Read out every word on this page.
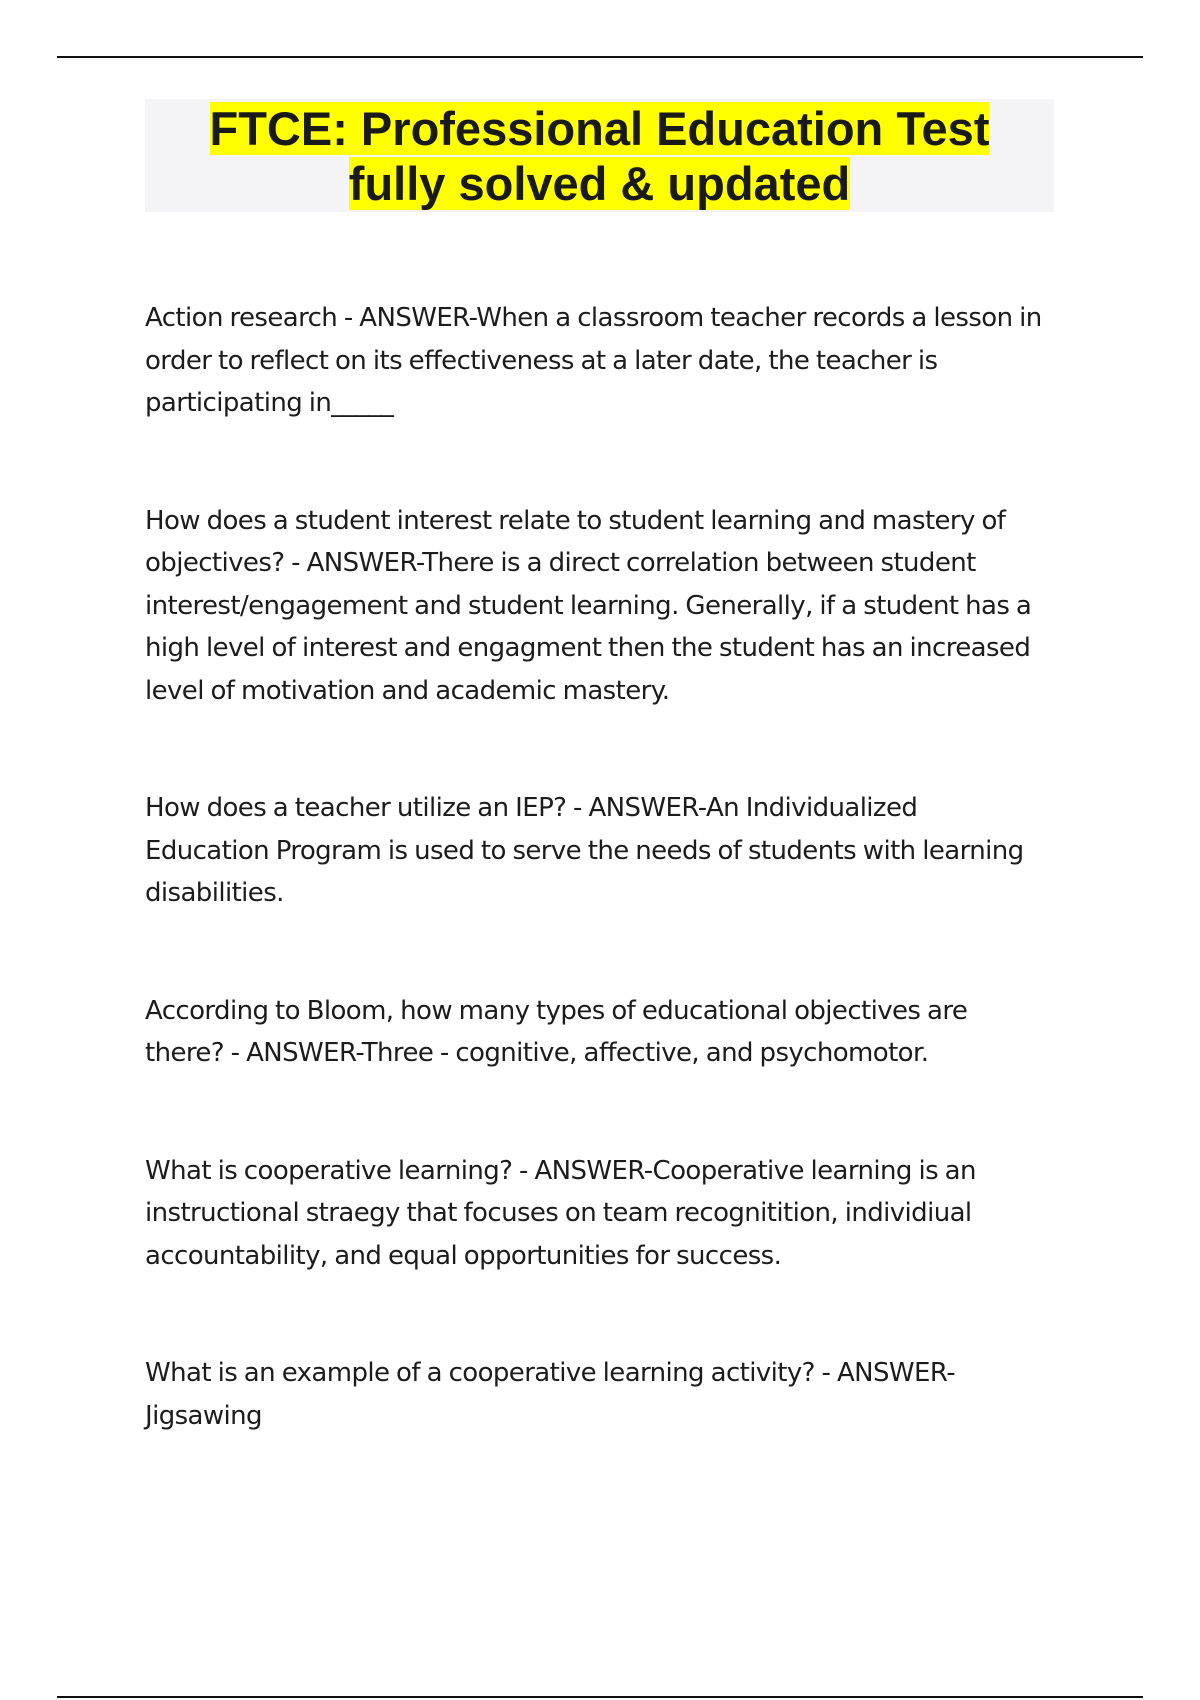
FTCE: Professional Education Test
fully solved & updated

Action research - ANSWER-When a classroom teacher records a lesson in order to reflect on its effectiveness at a later date, the teacher is participating in_____

How does a student interest relate to student learning and mastery of objectives? - ANSWER-There is a direct correlation between student interest/engagement and student learning. Generally, if a student has a high level of interest and engagment then the student has an increased level of motivation and academic mastery.

How does a teacher utilize an IEP? - ANSWER-An Individualized Education Program is used to serve the needs of students with learning disabilities.

According to Bloom, how many types of educational objectives are there? - ANSWER-Three - cognitive, affective, and psychomotor.

What is cooperative learning? - ANSWER-Cooperative learning is an instructional straegy that focuses on team recognitition, individiual accountability, and equal opportunities for success.

What is an example of a cooperative learning activity? - ANSWER-Jigsawing
